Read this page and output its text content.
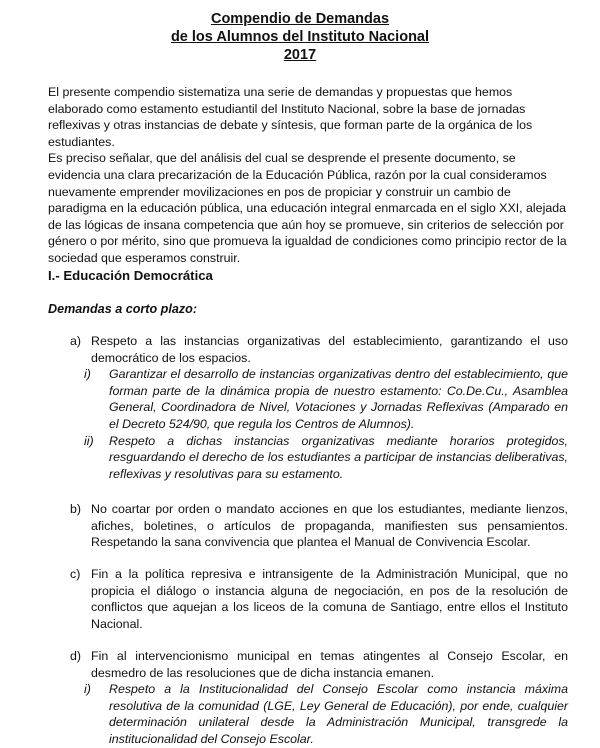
Compendio de Demandas
de los Alumnos del Instituto Nacional
2017

El presente compendio sistematiza una serie de demandas y propuestas que hemos elaborado como estamento estudiantil del Instituto Nacional, sobre la base de jornadas reflexivas y otras instancias de debate y síntesis, que forman parte de la orgánica de los estudiantes.

Es preciso señalar, que del análisis del cual se desprende el presente documento, se evidencia una clara precarización de la Educación Pública, razón por la cual consideramos nuevamente emprender movilizaciones en pos de propiciar y construir un cambio de paradigma en la educación pública, una educación integral enmarcada en el siglo XXI, alejada de las lógicas de insana competencia que aún hoy se promueve, sin criterios de selección por género o por mérito, sino que promueva la igualdad de condiciones como principio rector de la sociedad que esperamos construir.

I.- Educación Democrática
Demandas a corto plazo:
a) Respeto a las instancias organizativas del establecimiento, garantizando el uso democrático de los espacios.
i) Garantizar el desarrollo de instancias organizativas dentro del establecimiento, que forman parte de la dinámica propia de nuestro estamento: Co.De.Cu., Asamblea General, Coordinadora de Nivel, Votaciones y Jornadas Reflexivas (Amparado en el Decreto 524/90, que regula los Centros de Alumnos).
ii) Respeto a dichas instancias organizativas mediante horarios protegidos, resguardando el derecho de los estudiantes a participar de instancias deliberativas, reflexivas y resolutivas para su estamento.
b) No coartar por orden o mandato acciones en que los estudiantes, mediante lienzos, afiches, boletines, o artículos de propaganda, manifiesten sus pensamientos. Respetando la sana convivencia que plantea el Manual de Convivencia Escolar.
c) Fin a la política represiva e intransigente de la Administración Municipal, que no propicia el diálogo o instancia alguna de negociación, en pos de la resolución de conflictos que aquejan a los liceos de la comuna de Santiago, entre ellos el Instituto Nacional.
d) Fin al intervencionismo municipal en temas atingentes al Consejo Escolar, en desmedro de las resoluciones que de dicha instancia emanen.
i) Respeto a la Institucionalidad del Consejo Escolar como instancia máxima resolutiva de la comunidad (LGE, Ley General de Educación), por ende, cualquier determinación unilateral desde la Administración Municipal, transgrede la institucionalidad del Consejo Escolar.
